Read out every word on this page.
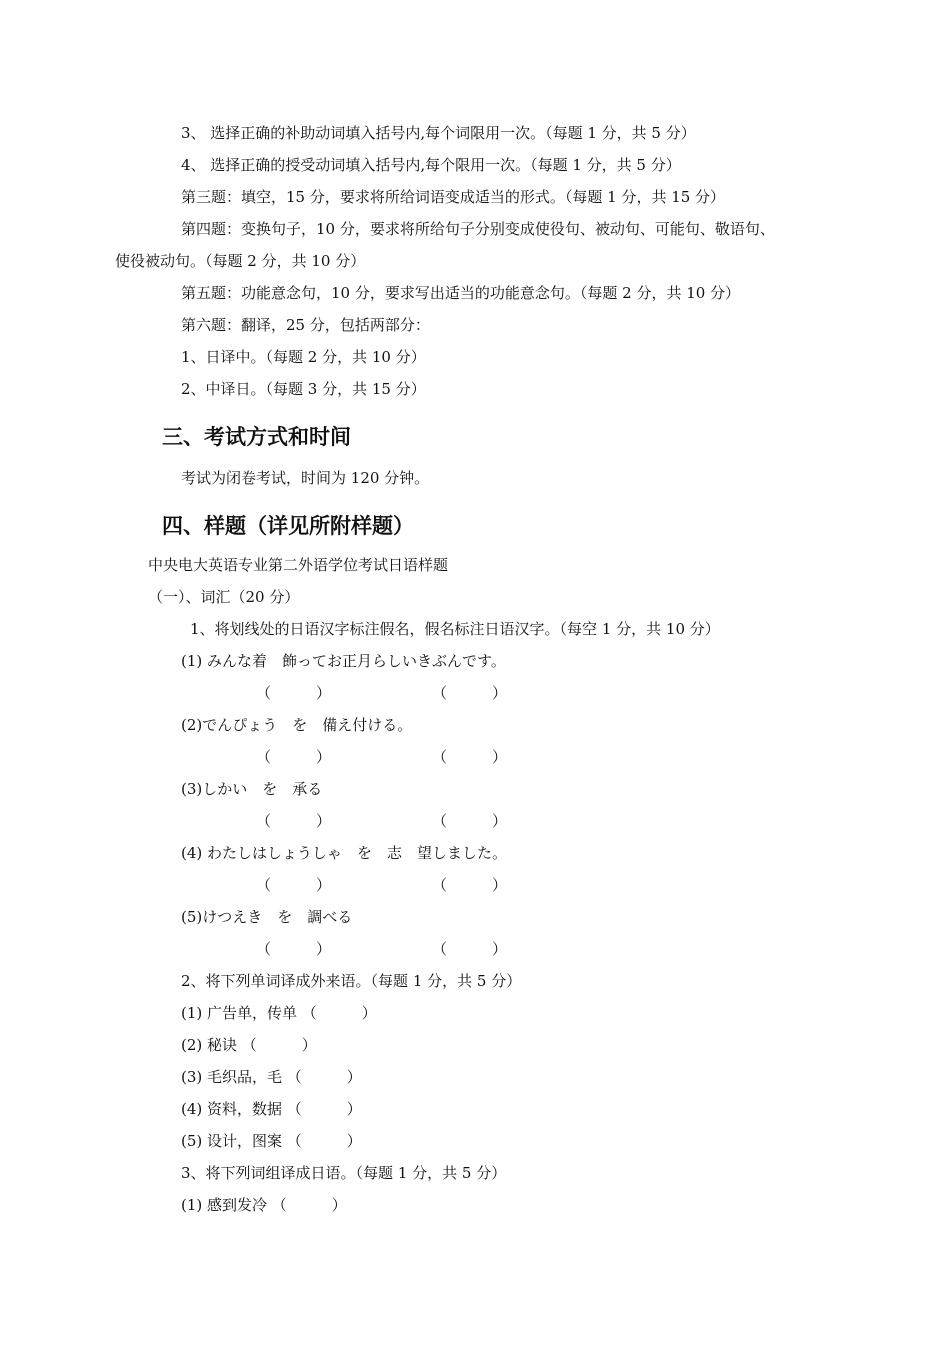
3、 选择正确的补助动词填入括号内,每个词限用一次。（每题 1 分，共 5 分）

4、 选择正确的授受动词填入括号内,每个限用一次。（每题 1 分，共 5 分）

第三题：填空，15 分，要求将所给词语变成适当的形式。（每题 1 分，共 15 分）

第四题：变换句子，10 分，要求将所给句子分别变成使役句、被动句、可能句、敬语句、

使役被动句。（每题 2 分，共 10 分）

第五题：功能意念句，10 分，要求写出适当的功能意念句。（每题 2 分，共 10 分）

第六题：翻译，25 分，包括两部分：

1、日译中。（每题 2 分，共 10 分）

2、中译日。（每题 3 分，共 15 分）

三、考试方式和时间

考试为闭卷考试，时间为 120 分钟。

四、样题（详见所附样题）

中央电大英语专业第二外语学位考试日语样题

（一）、词汇（20 分）

1、将划线处的日语汉字标注假名，假名标注日语汉字。（每空 1 分，共 10 分）

(1) みんな着　飾ってお正月らしいきぶんです。

（

	）

	（

	）

(2)でんぴょう　を　備え付ける。

（

	）

	（

	）

(3)しかい　を　承る

（

	）

	（

	）

(4) わたしはしょうしゃ　を　志　望しました。

（

	）

	（

	）

(5)けつえき　を　調べる

（

	）

	（

	）

2、将下列单词译成外来语。（每题 1 分，共 5 分）

(1) 广告单，传单 （　　　）

(2) 秘诀 （　　　）

(3) 毛织品，毛 （　　　）

(4) 资料，数据 （　　　）

(5) 设计，图案 （　　　）

3、将下列词组译成日语。（每题 1 分，共 5 分）

(1) 感到发冷 （　　　）
